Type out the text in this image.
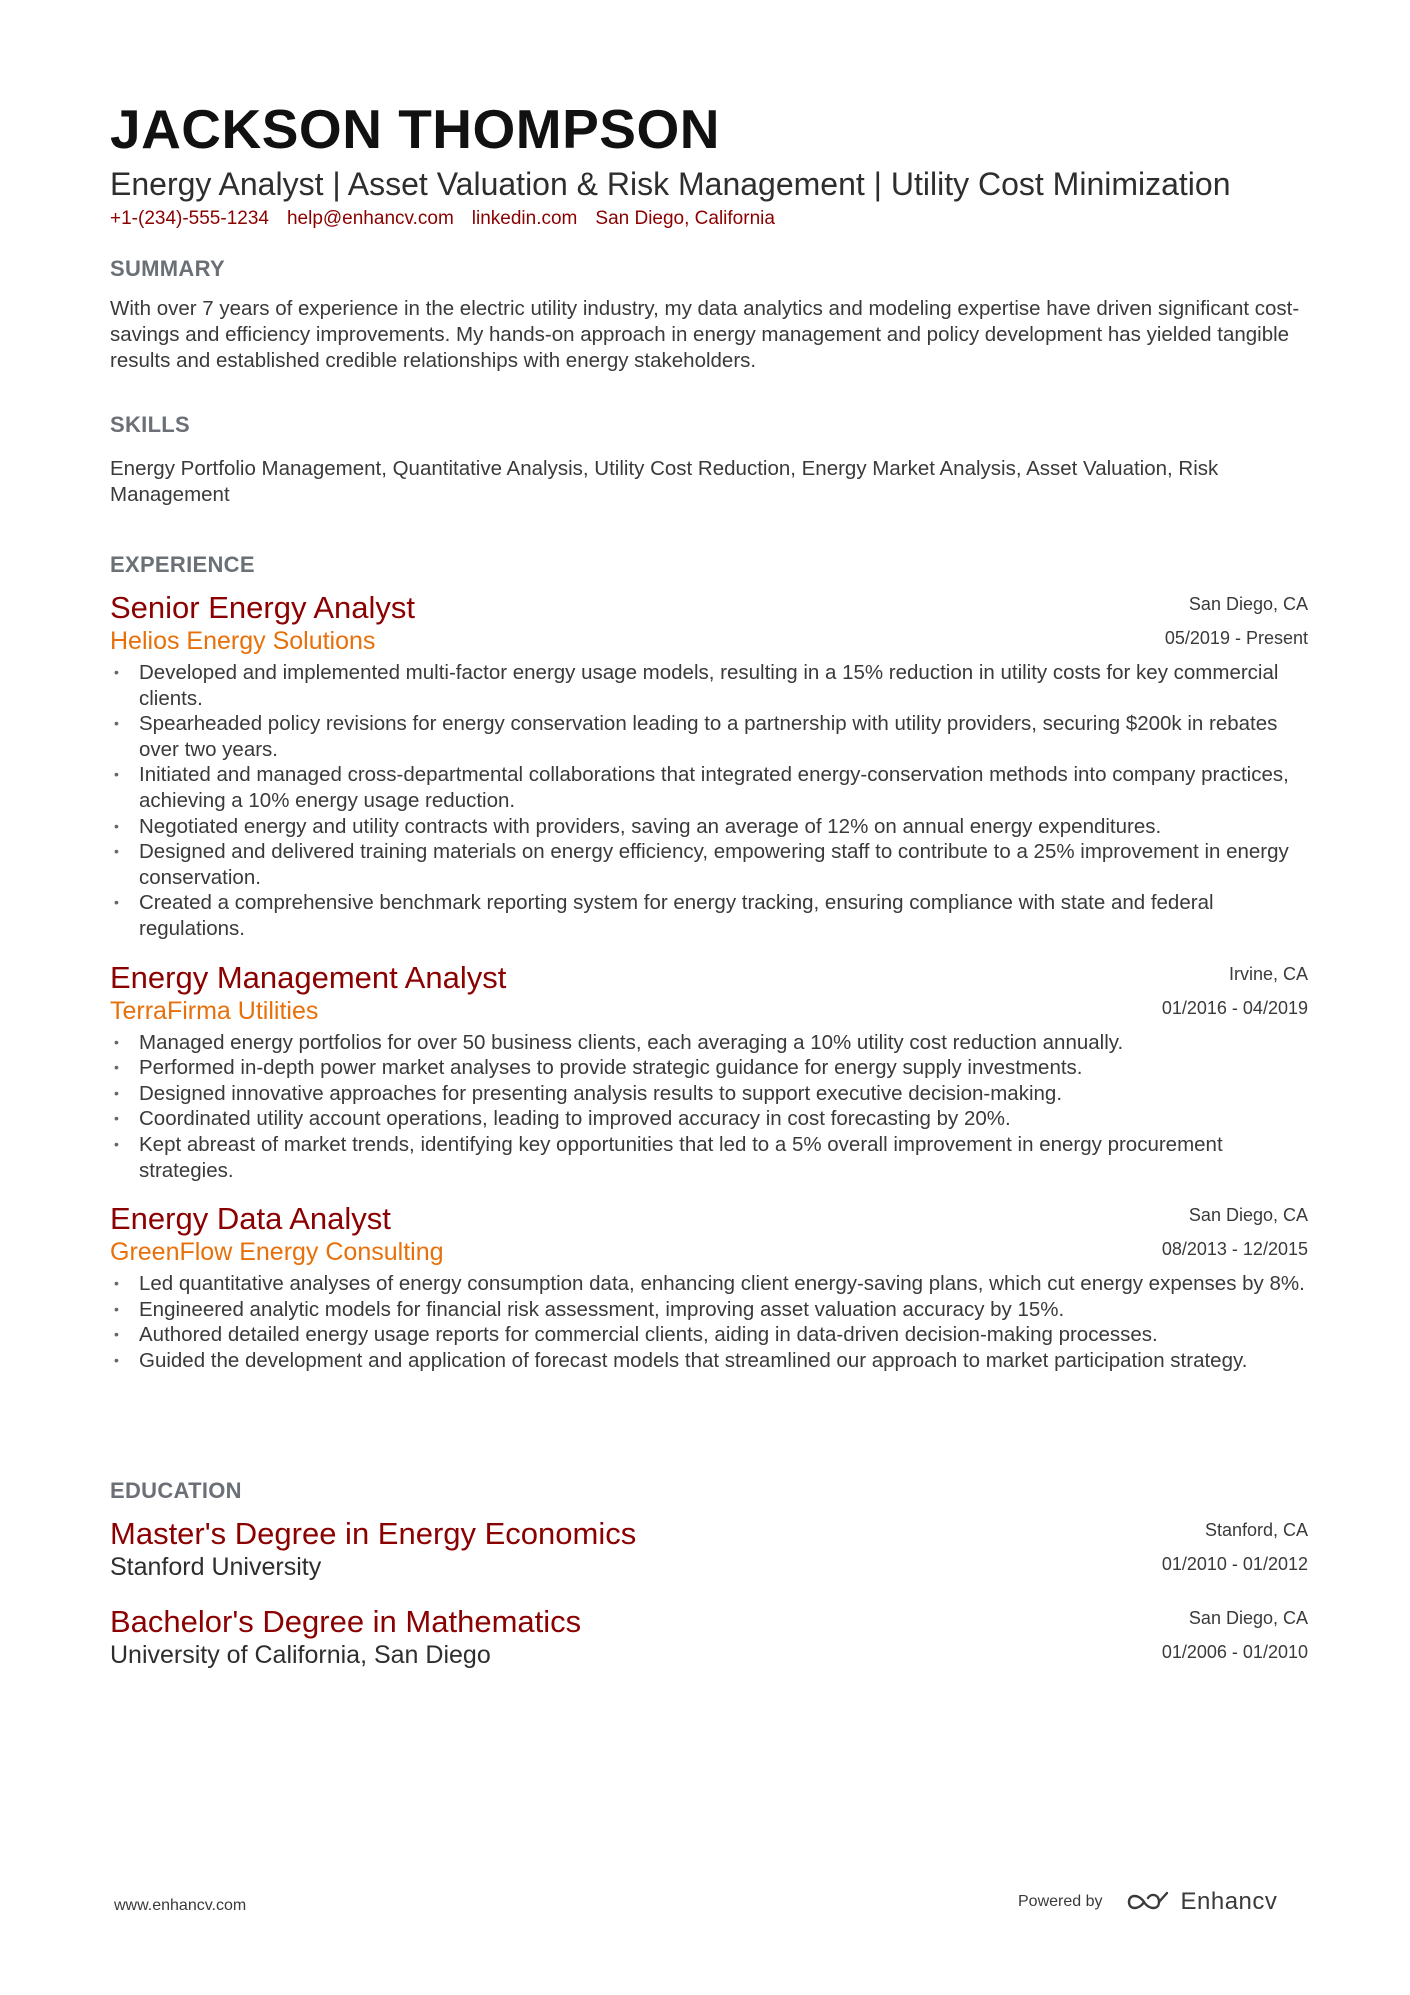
JACKSON THOMPSON
Energy Analyst | Asset Valuation & Risk Management | Utility Cost Minimization
+1-(234)-555-1234 help@enhancv.com linkedin.com San Diego, California
SUMMARY
With over 7 years of experience in the electric utility industry, my data analytics and modeling expertise have driven significant cost-savings and efficiency improvements. My hands-on approach in energy management and policy development has yielded tangible results and established credible relationships with energy stakeholders.
SKILLS
Energy Portfolio Management, Quantitative Analysis, Utility Cost Reduction, Energy Market Analysis, Asset Valuation, Risk Management
EXPERIENCE
San Diego, CA
05/2019 - Present
Senior Energy Analyst
Helios Energy Solutions
• Developed and implemented multi-factor energy usage models, resulting in a 15% reduction in utility costs for key commercial clients.
• Spearheaded policy revisions for energy conservation leading to a partnership with utility providers, securing $200k in rebates over two years.
• Initiated and managed cross-departmental collaborations that integrated energy-conservation methods into company practices, achieving a 10% energy usage reduction.
• Negotiated energy and utility contracts with providers, saving an average of 12% on annual energy expenditures.
• Designed and delivered training materials on energy efficiency, empowering staff to contribute to a 25% improvement in energy conservation.
• Created a comprehensive benchmark reporting system for energy tracking, ensuring compliance with state and federal regulations.
Irvine, CA
01/2016 - 04/2019
Energy Management Analyst
TerraFirma Utilities
• Managed energy portfolios for over 50 business clients, each averaging a 10% utility cost reduction annually.
• Performed in-depth power market analyses to provide strategic guidance for energy supply investments.
• Designed innovative approaches for presenting analysis results to support executive decision-making.
• Coordinated utility account operations, leading to improved accuracy in cost forecasting by 20%.
• Kept abreast of market trends, identifying key opportunities that led to a 5% overall improvement in energy procurement strategies.
San Diego, CA
08/2013 - 12/2015
Energy Data Analyst
GreenFlow Energy Consulting
• Led quantitative analyses of energy consumption data, enhancing client energy-saving plans, which cut energy expenses by 8%.
• Engineered analytic models for financial risk assessment, improving asset valuation accuracy by 15%.
• Authored detailed energy usage reports for commercial clients, aiding in data-driven decision-making processes.
• Guided the development and application of forecast models that streamlined our approach to market participation strategy.
EDUCATION
Stanford, CA
01/2010 - 01/2012
Master's Degree in Energy Economics
Stanford University
San Diego, CA
01/2006 - 01/2010
Bachelor's Degree in Mathematics
University of California, San Diego
www.enhancv.com	Powered by	Enhancv
